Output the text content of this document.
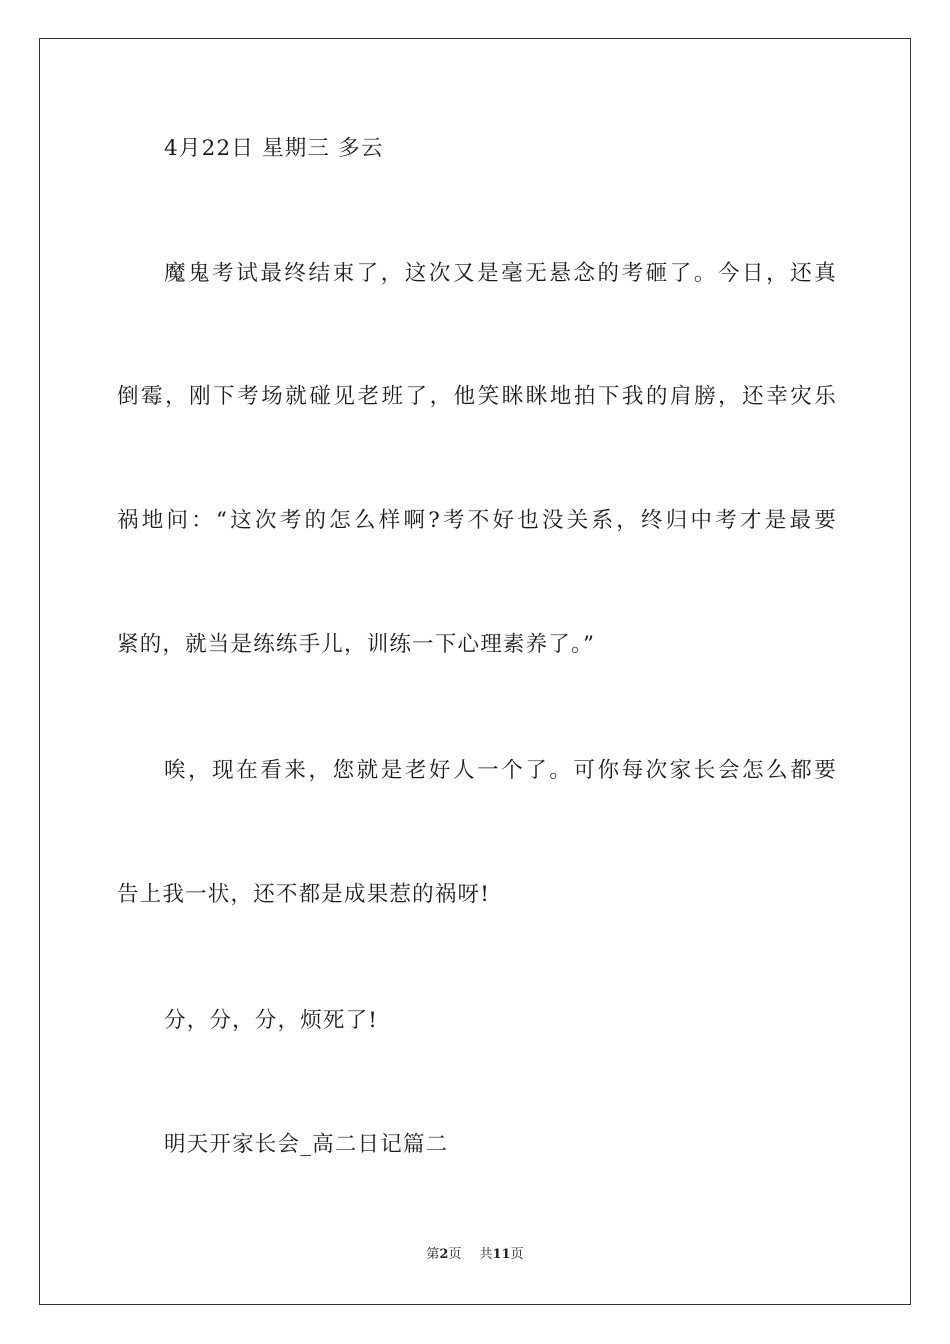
4月22日 星期三 多云
魔鬼考试最终结束了，这次又是毫无悬念的考砸了。今日，还真
倒霉，刚下考场就碰见老班了，他笑眯眯地拍下我的肩膀，还幸灾乐
祸地问：“这次考的怎么样啊?考不好也没关系，终归中考才是最要
紧的，就当是练练手儿，训练一下心理素养了。”
唉，现在看来，您就是老好人一个了。可你每次家长会怎么都要
告上我一状，还不都是成果惹的祸呀!
分，分，分，烦死了!
明天开家长会_高二日记篇二
第2页 共11页
